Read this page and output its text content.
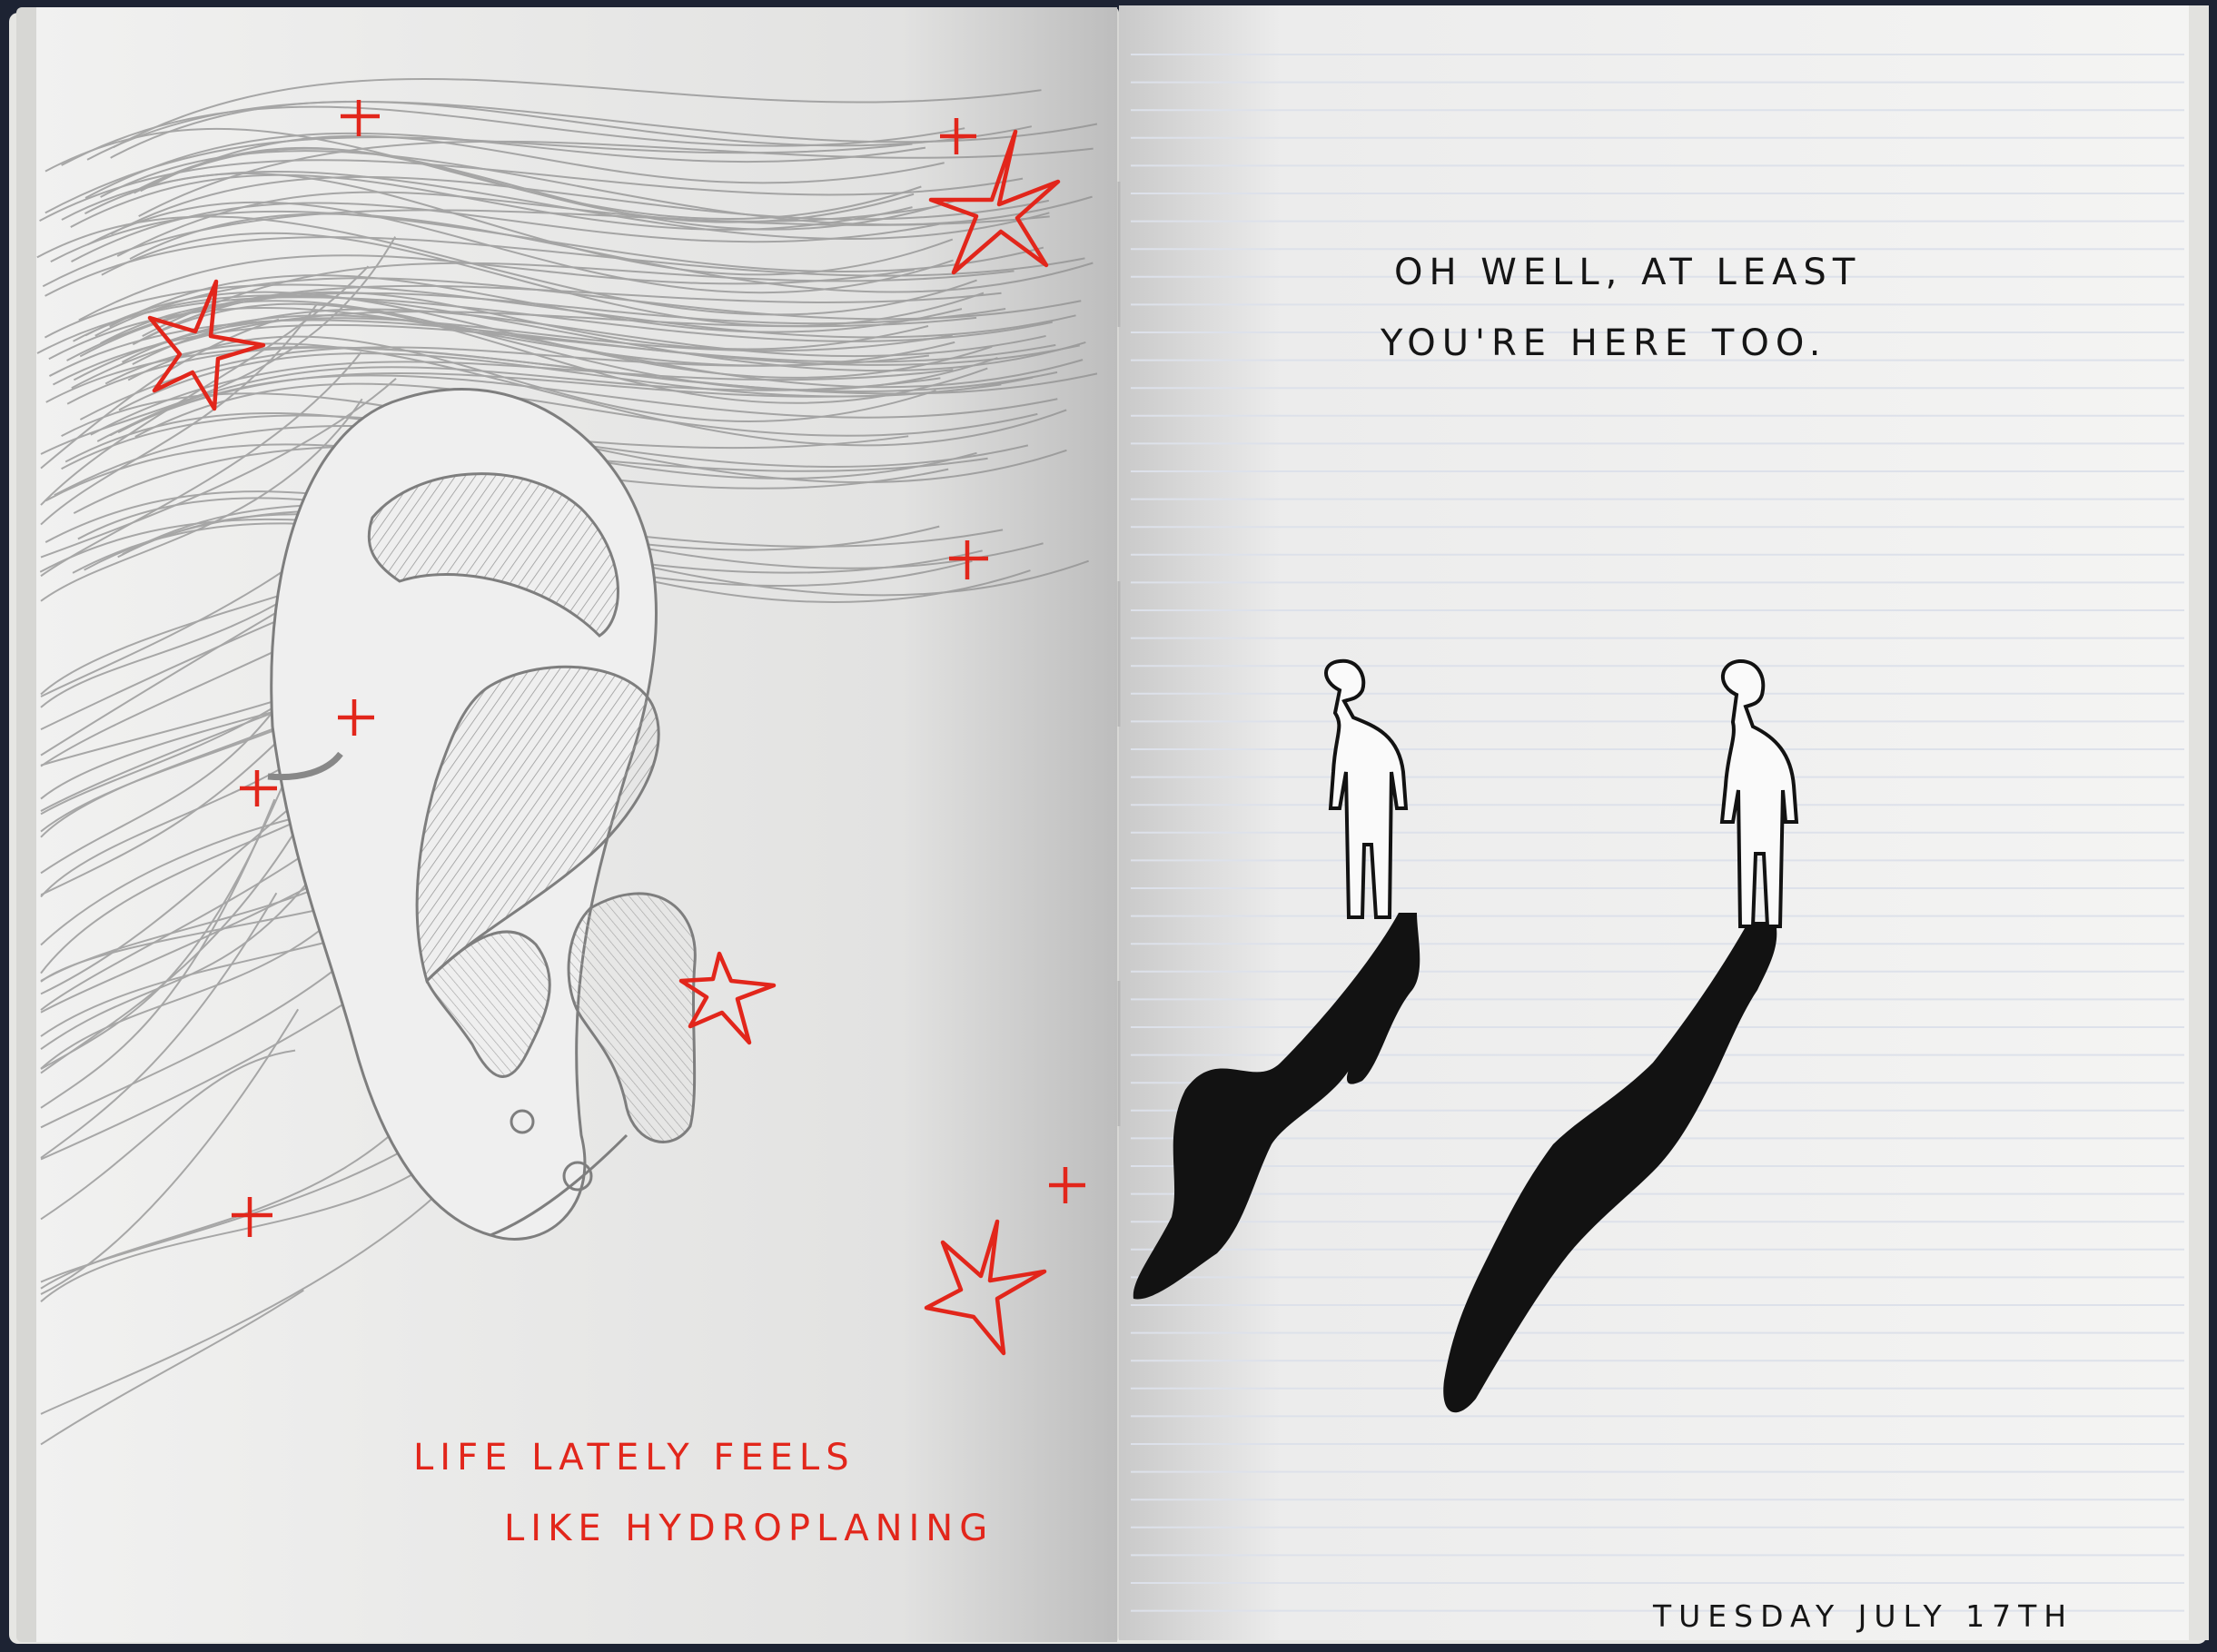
OH WELL, AT LEAST

YOU'RE HERE TOO.

LIFE LATELY FEELS

LIKE HYDROPLANING

TUESDAY JULY 17TH
